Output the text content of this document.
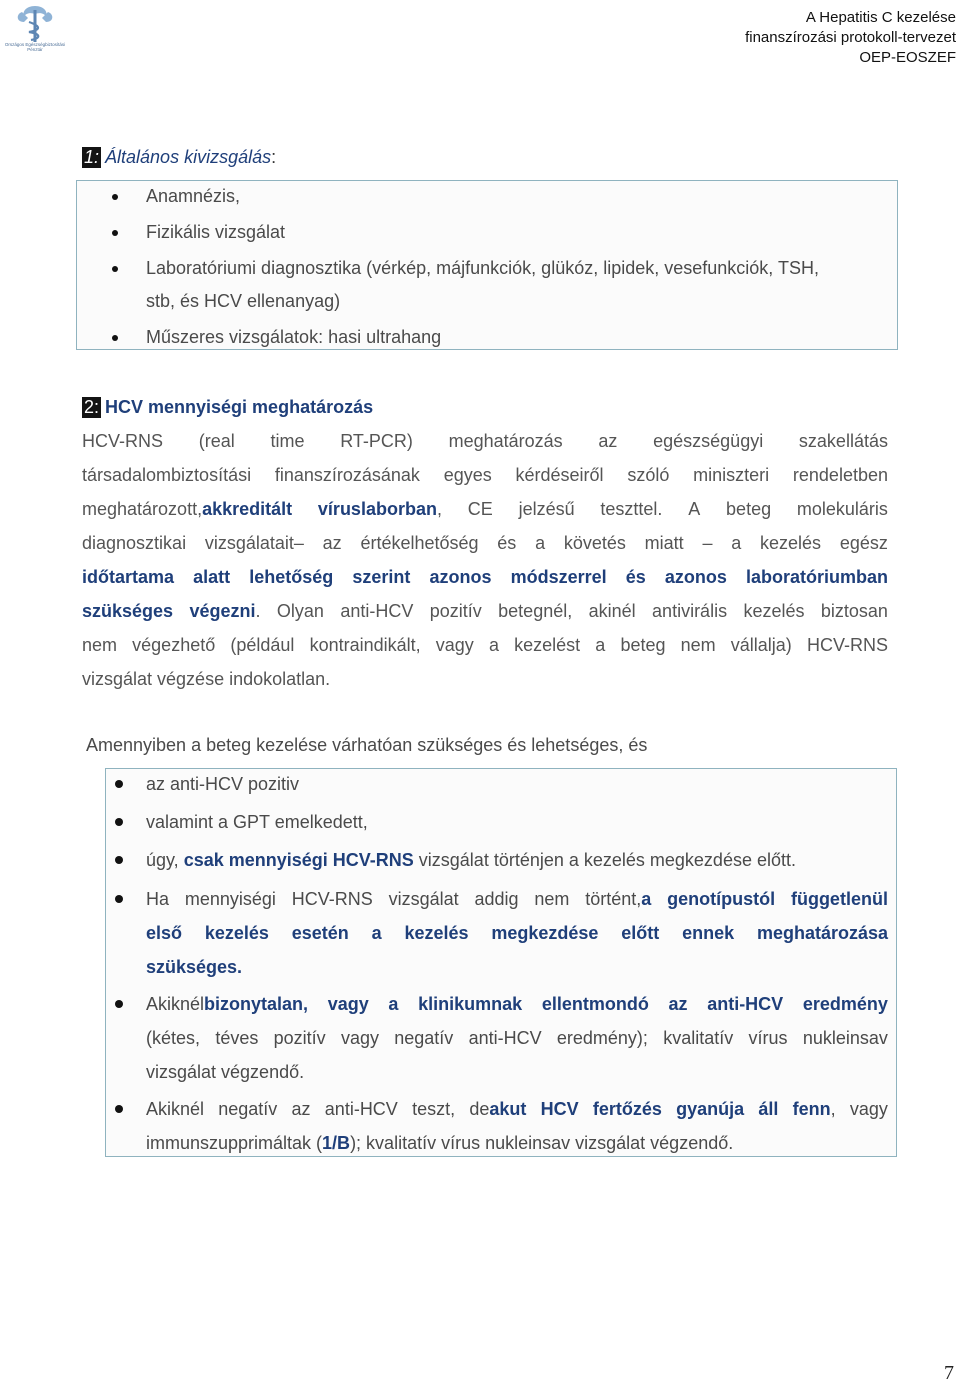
Országos Egészségbiztosítási Pénztár
A Hepatitis C kezelése
finanszírozási protokoll-tervezet
OEP-EOSZEF
1: Általános kivizsgálás:
Anamnézis,
Fizikális vizsgálat
Laboratóriumi diagnosztika (vérkép, májfunkciók, glükóz, lipidek, vesefunkciók, TSH,
stb, és HCV ellenanyag)
Műszeres vizsgálatok: hasi ultrahang
2: HCV mennyiségi meghatározás
HCV-RNS (real time RT-PCR) meghatározás az egészségügyi szakellátás
társadalombiztosítási finanszírozásának egyes kérdéseiről szóló miniszteri rendeletben
meghatározott,akkreditált víruslaborban, CE jelzésű teszttel. A beteg molekuláris
diagnosztikai vizsgálatait– az értékelhetőség és a követés miatt – a kezelés egész
időtartama alatt lehetőség szerint azonos módszerrel és azonos laboratóriumban
szükséges végezni. Olyan anti-HCV pozitív betegnél, akinél antivirális kezelés biztosan
nem végezhető (például kontraindikált, vagy a kezelést a beteg nem vállalja) HCV-RNS
vizsgálat végzése indokolatlan.
Amennyiben a beteg kezelése várhatóan szükséges és lehetséges, és
az anti-HCV pozitiv
valamint a GPT emelkedett,
úgy, csak mennyiségi HCV-RNS vizsgálat történjen a kezelés megkezdése előtt.
Ha mennyiségi HCV-RNS vizsgálat addig nem történt,a genotípustól függetlenül
első kezelés esetén a kezelés megkezdése előtt ennek meghatározása
szükséges.
Akiknélbizonytalan, vagy a klinikumnak ellentmondó az anti-HCV eredmény
(kétes, téves pozitív vagy negatív anti-HCV eredmény); kvalitatív vírus nukleinsav
vizsgálat végzendő.
Akiknél negatív az anti-HCV teszt, deakut HCV fertőzés gyanúja áll fenn, vagy
immunszupprimáltak ( 1/B ); kvalitatív vírus nukleinsav vizsgálat végzendő.
7
